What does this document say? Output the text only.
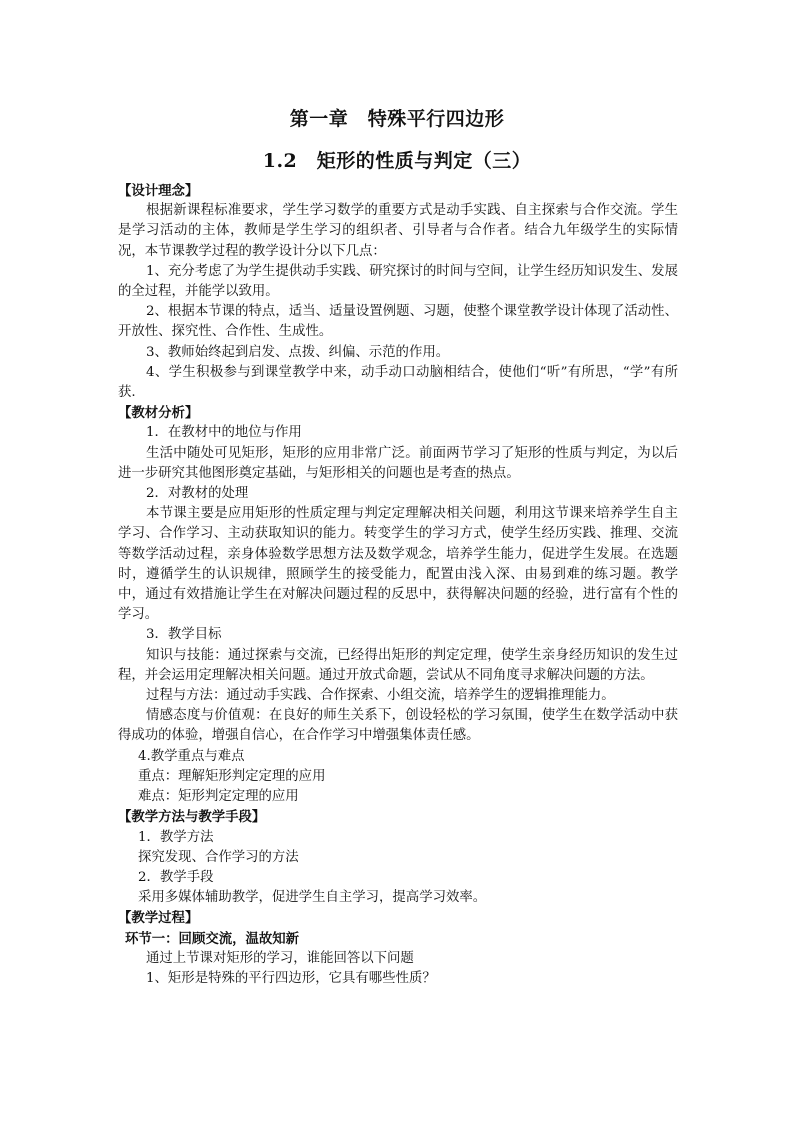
第一章　特殊平行四边形
1.2　矩形的性质与判定（三）

【设计理念】

根据新课程标准要求，学生学习数学的重要方式是动手实践、自主探索与合作交流。学生是学习活动的主体，教师是学生学习的组织者、引导者与合作者。结合九年级学生的实际情况，本节课教学过程的教学设计分以下几点：

1、充分考虑了为学生提供动手实践、研究探讨的时间与空间，让学生经历知识发生、发展的全过程，并能学以致用。

2、根据本节课的特点，适当、适量设置例题、习题，使整个课堂教学设计体现了活动性、开放性、探究性、合作性、生成性。

3、教师始终起到启发、点拨、纠偏、示范的作用。

4、学生积极参与到课堂教学中来，动手动口动脑相结合，使他们“听”有所思，“学”有所获.

【教材分析】

1．在教材中的地位与作用

生活中随处可见矩形，矩形的应用非常广泛。前面两节学习了矩形的性质与判定，为以后进一步研究其他图形奠定基础，与矩形相关的问题也是考查的热点。

2．对教材的处理

本节课主要是应用矩形的性质定理与判定定理解决相关问题，利用这节课来培养学生自主学习、合作学习、主动获取知识的能力。转变学生的学习方式，使学生经历实践、推理、交流等数学活动过程，亲身体验数学思想方法及数学观念，培养学生能力，促进学生发展。在选题时，遵循学生的认识规律，照顾学生的接受能力，配置由浅入深、由易到难的练习题。教学中，通过有效措施让学生在对解决问题过程的反思中，获得解决问题的经验，进行富有个性的学习。

3．教学目标

知识与技能：通过探索与交流，已经得出矩形的判定定理，使学生亲身经历知识的发生过程，并会运用定理解决相关问题。通过开放式命题，尝试从不同角度寻求解决问题的方法。

过程与方法：通过动手实践、合作探索、小组交流，培养学生的逻辑推理能力。

情感态度与价值观：在良好的师生关系下，创设轻松的学习氛围，使学生在数学活动中获得成功的体验，增强自信心，在合作学习中增强集体责任感。

4.教学重点与难点

重点：理解矩形判定定理的应用

难点：矩形判定定理的应用

【教学方法与教学手段】

1．教学方法

探究发现、合作学习的方法

2．教学手段

采用多媒体辅助教学，促进学生自主学习，提高学习效率。

【教学过程】

环节一：回顾交流，温故知新

通过上节课对矩形的学习，谁能回答以下问题

1、矩形是特殊的平行四边形，它具有哪些性质？
